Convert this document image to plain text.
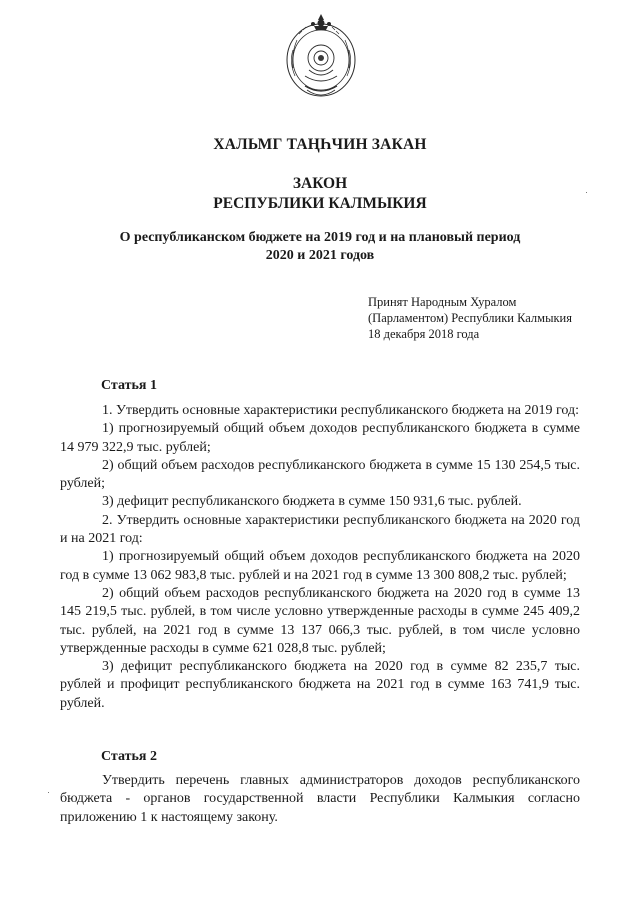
ХАЛЬМГ ТАҢҺЧИН ЗАКАН
ЗАКОН
РЕСПУБЛИКИ КАЛМЫКИЯ
О республиканском бюджете на 2019 год и на плановый период
2020 и 2021 годов
Принят Народным Хуралом
(Парламентом) Республики Калмыкия
18 декабря 2018 года
Статья 1

1. Утвердить основные характеристики республиканского бюджета на 2019 год:

1) прогнозируемый общий объем доходов республиканского бюджета в сумме 14 979 322,9 тыс. рублей;

2) общий объем расходов республиканского бюджета в сумме 15 130 254,5 тыс. рублей;

3) дефицит республиканского бюджета в сумме 150 931,6 тыс. рублей.

2. Утвердить основные характеристики республиканского бюджета на 2020 год и на 2021 год:

1) прогнозируемый общий объем доходов республиканского бюджета на 2020 год в сумме 13 062 983,8 тыс. рублей и на 2021 год в сумме 13 300 808,2 тыс. рублей;

2) общий объем расходов республиканского бюджета на 2020 год в сумме 13 145 219,5 тыс. рублей, в том числе условно утвержденные расходы в сумме 245 409,2 тыс. рублей, на 2021 год в сумме 13 137 066,3 тыс. рублей, в том числе условно утвержденные расходы в сумме 621 028,8 тыс. рублей;

3) дефицит республиканского бюджета на 2020 год в сумме 82 235,7 тыс. рублей и профицит республиканского бюджета на 2021 год в сумме 163 741,9 тыс. рублей.

Статья 2

Утвердить перечень главных администраторов доходов республиканского бюджета - органов государственной власти Республики Калмыкия согласно приложению 1 к настоящему закону.
